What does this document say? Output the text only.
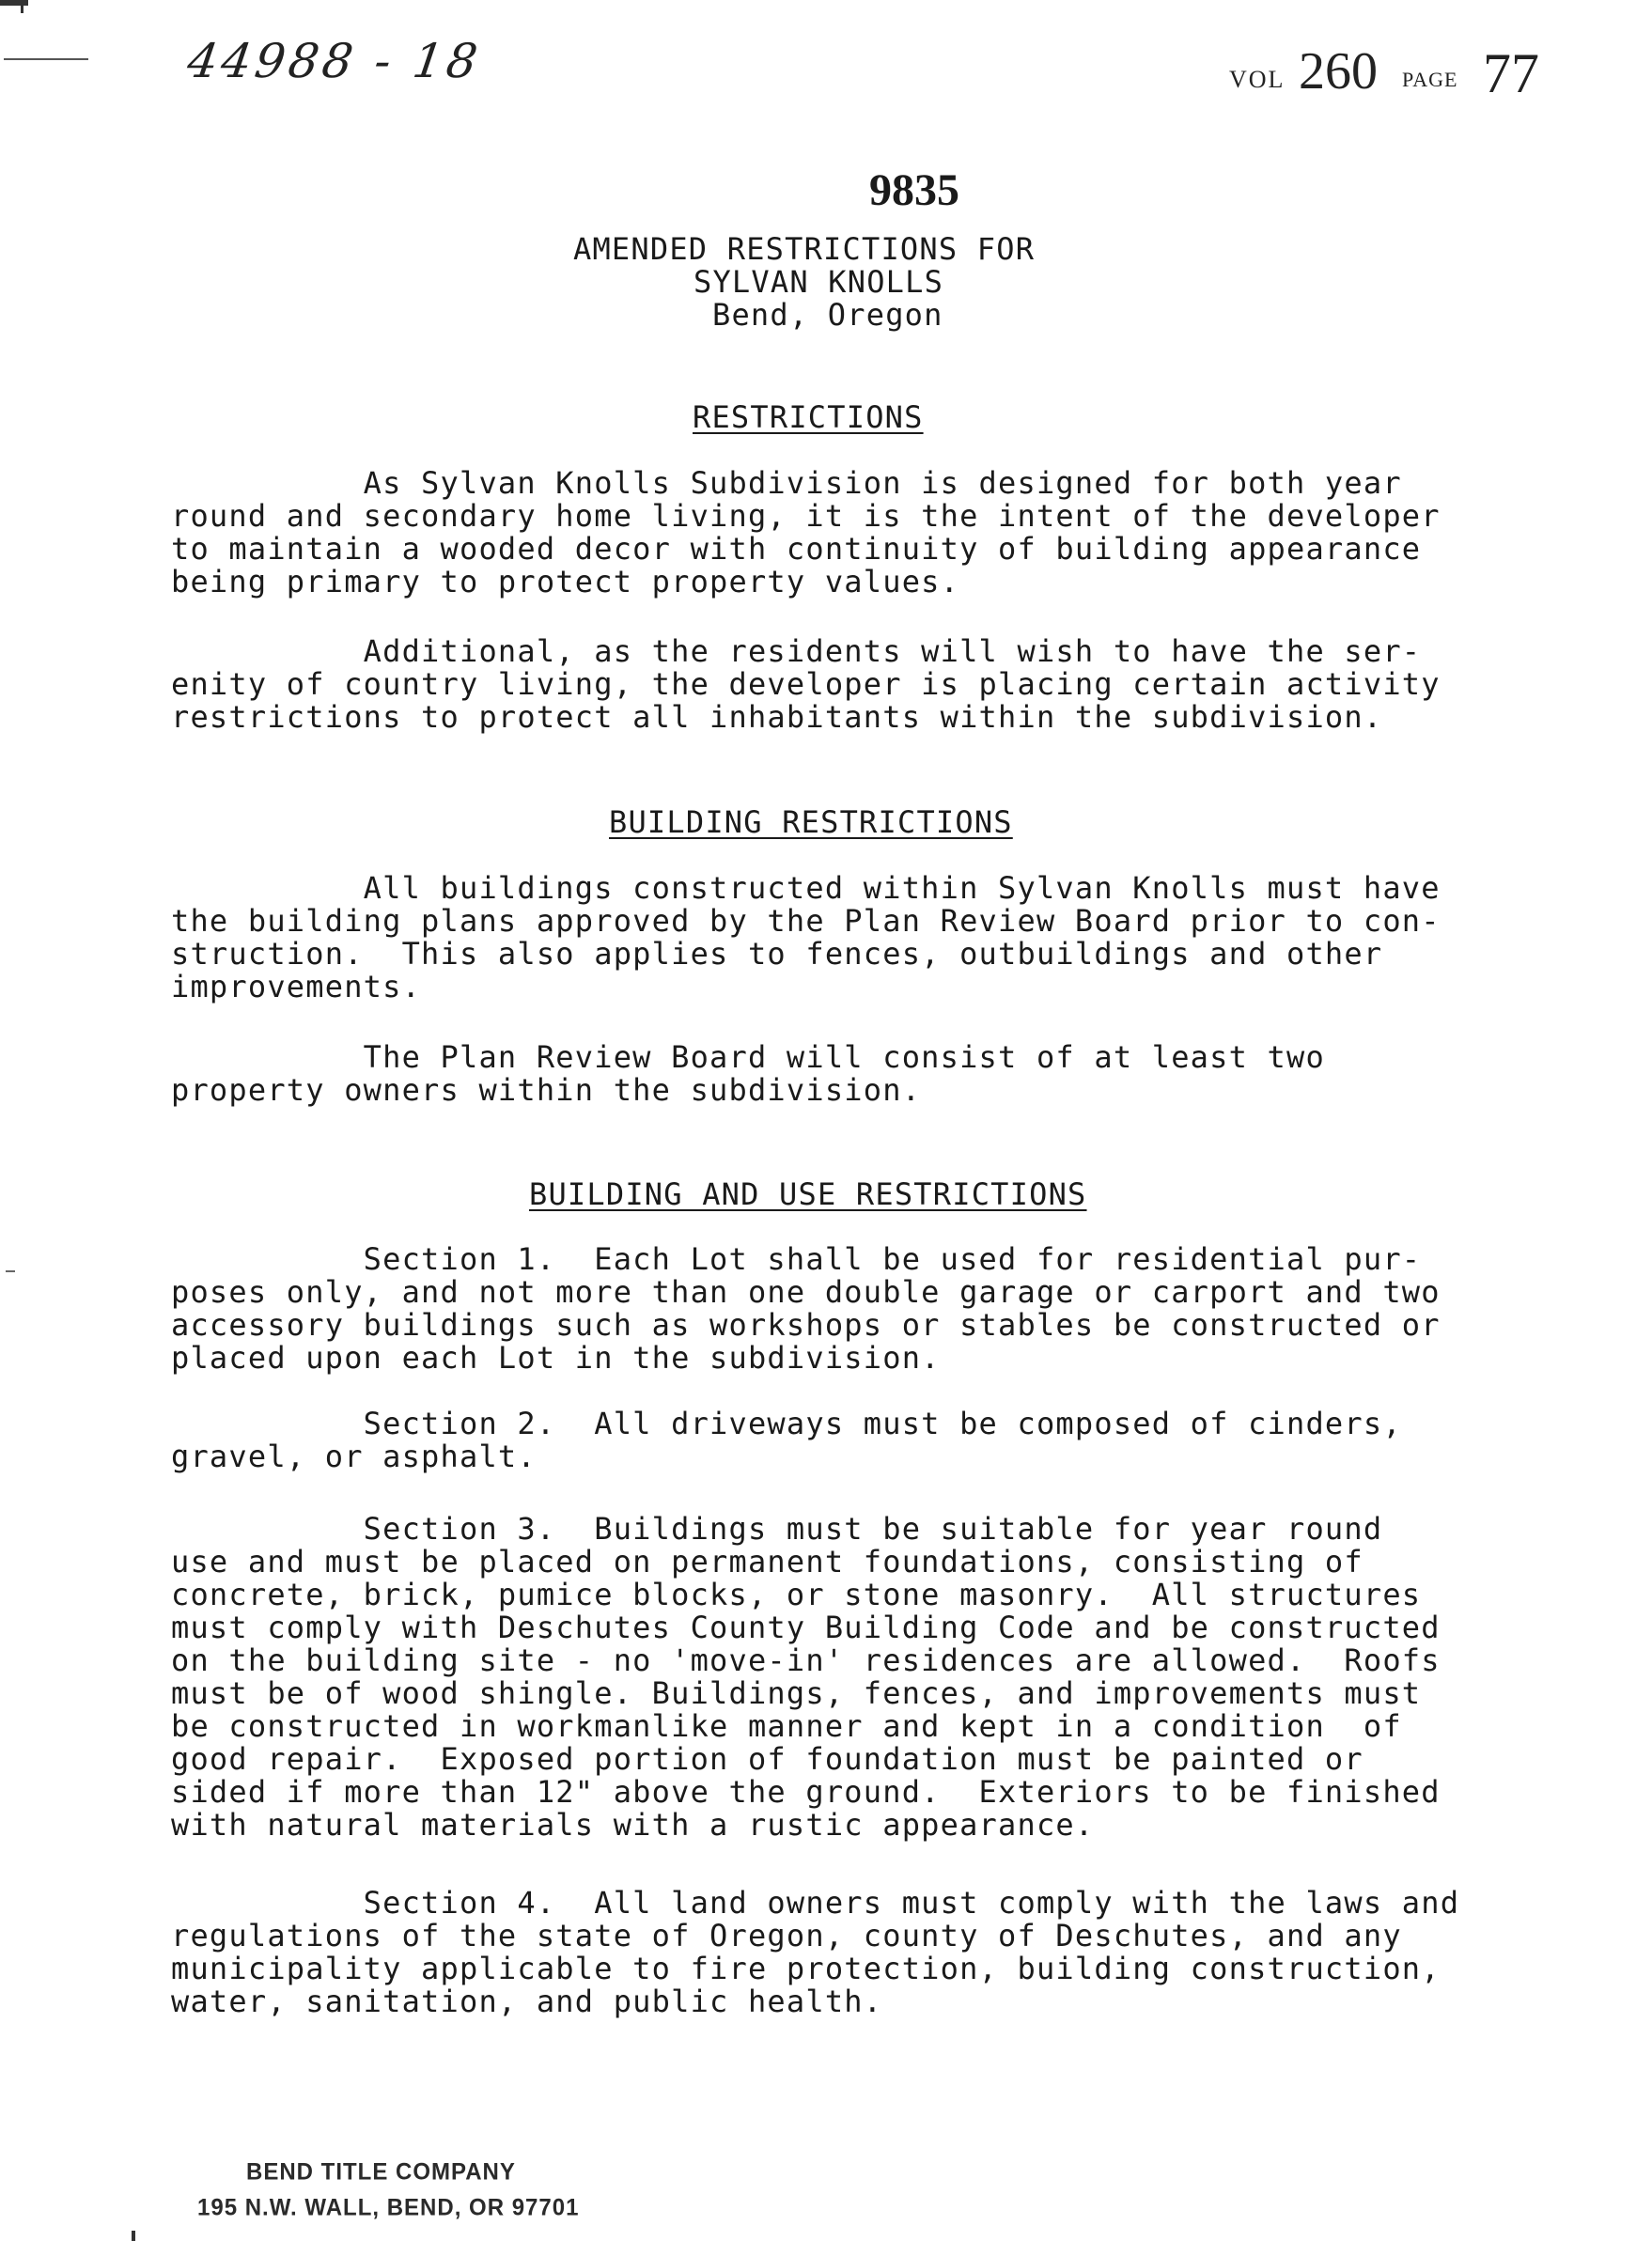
44988 - 18	VOL 260 PAGE 77
9835
AMENDED RESTRICTIONS FOR
SYLVAN KNOLLS
Bend, Oregon
RESTRICTIONS

As Sylvan Knolls Subdivision is designed for both year

round and secondary home living, it is the intent of the developer

to maintain a wooded decor with continuity of building appearance

being primary to protect property values.

Additional, as the residents will wish to have the ser-

enity of country living, the developer is placing certain activity

restrictions to protect all inhabitants within the subdivision.

BUILDING RESTRICTIONS

All buildings constructed within Sylvan Knolls must have

the building plans approved by the Plan Review Board prior to con-

struction.  This also applies to fences, outbuildings and other

improvements.

The Plan Review Board will consist of at least two

property owners within the subdivision.

BUILDING AND USE RESTRICTIONS

Section 1.  Each Lot shall be used for residential pur-

poses only, and not more than one double garage or carport and two

accessory buildings such as workshops or stables be constructed or

placed upon each Lot in the subdivision.

Section 2.  All driveways must be composed of cinders,

gravel, or asphalt.

Section 3.  Buildings must be suitable for year round

use and must be placed on permanent foundations, consisting of

concrete, brick, pumice blocks, or stone masonry.  All structures

must comply with Deschutes County Building Code and be constructed

on the building site - no 'move-in' residences are allowed.  Roofs

must be of wood shingle. Buildings, fences, and improvements must

be constructed in workmanlike manner and kept in a condition  of

good repair.  Exposed portion of foundation must be painted or

sided if more than 12" above the ground.  Exteriors to be finished

with natural materials with a rustic appearance.

Section 4.  All land owners must comply with the laws and

regulations of the state of Oregon, county of Deschutes, and any

municipality applicable to fire protection, building construction,

water, sanitation, and public health.

BEND TITLE COMPANY
195 N.W. WALL, BEND, OR 97701
